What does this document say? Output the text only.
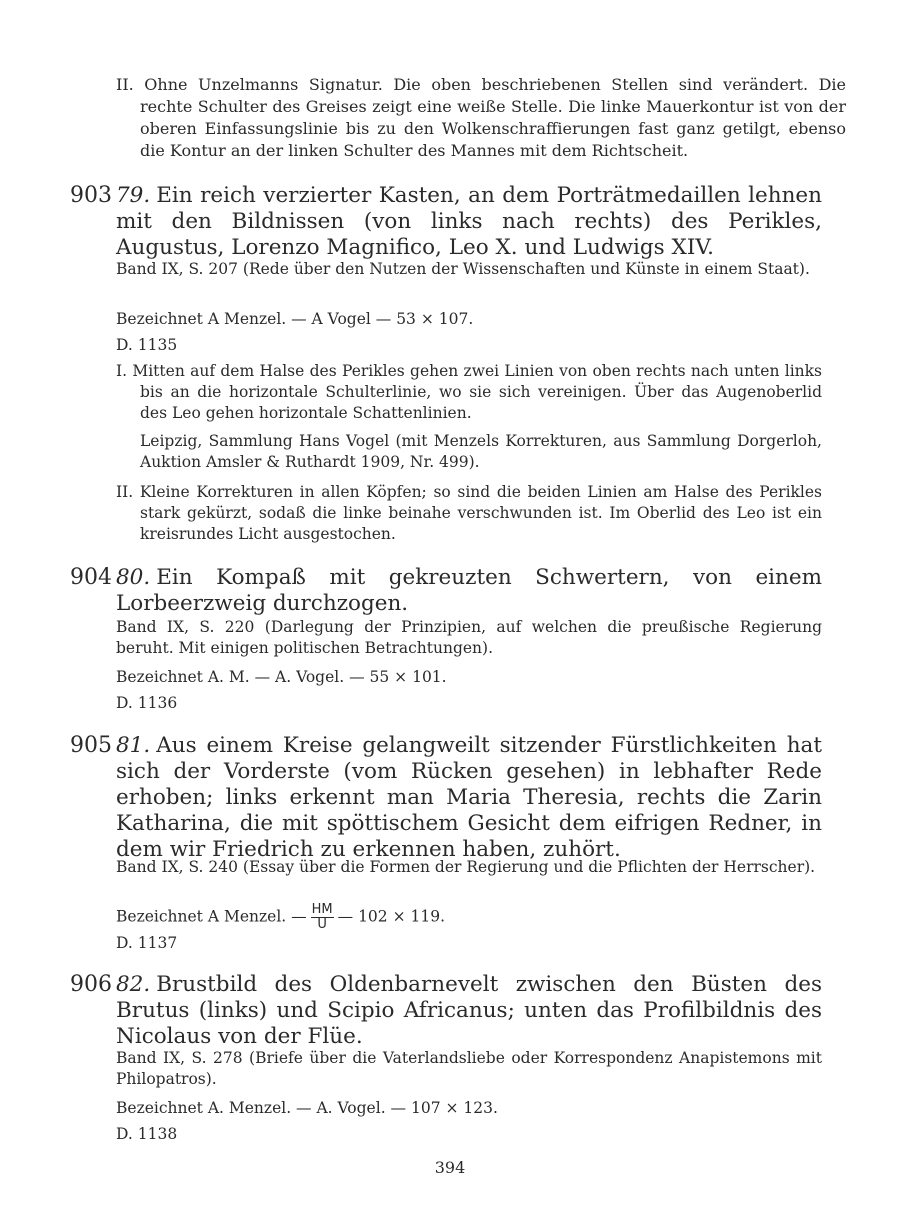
II. Ohne Unzelmanns Signatur. Die oben beschriebenen Stellen sind verändert. Die rechte Schulter des Greises zeigt eine weiße Stelle. Die linke Mauerkontur ist von der oberen Einfassungslinie bis zu den Wolkenschraffierungen fast ganz getilgt, ebenso die Kontur an der linken Schulter des Mannes mit dem Richtscheit.
903 79. Ein reich verzierter Kasten, an dem Porträtmedaillen lehnen mit den Bildnissen (von links nach rechts) des Perikles, Augustus, Lorenzo Magnifico, Leo X. und Ludwigs XIV.
Band IX, S. 207 (Rede über den Nutzen der Wissenschaften und Künste in einem Staat).
Bezeichnet A Menzel. — A Vogel — 53 × 107.
D. 1135
I. Mitten auf dem Halse des Perikles gehen zwei Linien von oben rechts nach unten links bis an die horizontale Schulterlinie, wo sie sich vereinigen. Über das Augenoberlid des Leo gehen horizontale Schattenlinien.
Leipzig, Sammlung Hans Vogel (mit Menzels Korrekturen, aus Sammlung Dorgerloh, Auktion Amsler & Ruthardt 1909, Nr. 499).
II. Kleine Korrekturen in allen Köpfen; so sind die beiden Linien am Halse des Perikles stark gekürzt, sodaß die linke beinahe verschwunden ist. Im Oberlid des Leo ist ein kreisrundes Licht ausgestochen.
904 80. Ein Kompaß mit gekreuzten Schwertern, von einem Lorbeerzweig durchzogen.
Band IX, S. 220 (Darlegung der Prinzipien, auf welchen die preußische Regierung beruht. Mit einigen politischen Betrachtungen).
Bezeichnet A. M. — A. Vogel. — 55 × 101.
D. 1136
905 81. Aus einem Kreise gelangweilt sitzender Fürstlichkeiten hat sich der Vorderste (vom Rücken gesehen) in lebhafter Rede erhoben; links erkennt man Maria Theresia, rechts die Zarin Katharina, die mit spöttischem Gesicht dem eifrigen Redner, in dem wir Friedrich zu erkennen haben, zuhört.
Band IX, S. 240 (Essay über die Formen der Regierung und die Pflichten der Herrscher).
Bezeichnet A Menzel. — $\frac{HM}{U}$ — 102 × 119.
D. 1137
906 82. Brustbild des Oldenbarnevelt zwischen den Büsten des Brutus (links) und Scipio Africanus; unten das Profilbildnis des Nicolaus von der Flüe.
Band IX, S. 278 (Briefe über die Vaterlandsliebe oder Korrespondenz Anapistemons mit Philopatros).
Bezeichnet A. Menzel. — A. Vogel. — 107 × 123.
D. 1138
394
